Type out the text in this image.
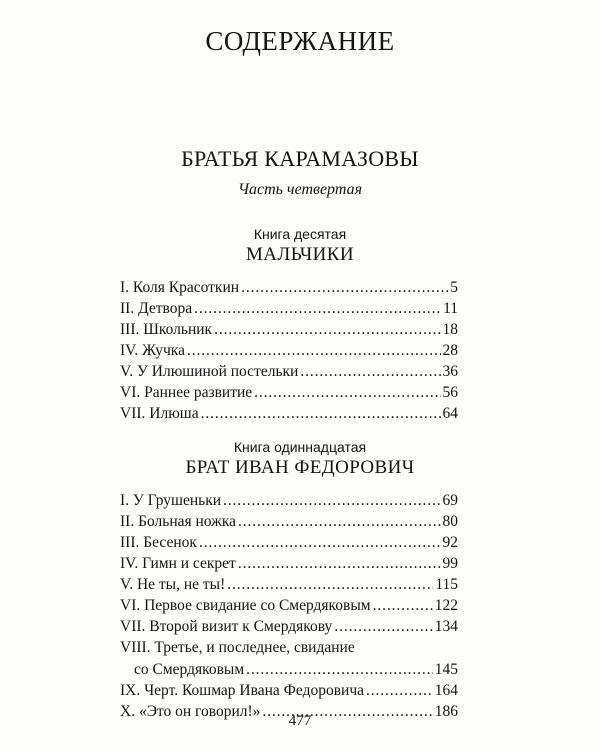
СОДЕРЖАНИЕ
БРАТЬЯ КАРАМАЗОВЫ
Часть четвертая
Книга десятая
МАЛЬЧИКИ
I. Коля Красоткин . . .	5
II. Детвора . . .	11
III. Школьник . . .	18
IV. Жучка . . .	28
V. У Илюшиной постельки . . .	36
VI. Раннее развитие . . .	56
VII. Илюша . . .	64
Книга одиннадцатая
БРАТ ИВАН ФЕДОРОВИЧ
I. У Грушеньки . . .	69
II. Больная ножка . . .	80
III. Бесенок . . .	92
IV. Гимн и секрет . . .	99
V. Не ты, не ты! . . .	115
VI. Первое свидание со Смердяковым . . .	122
VII. Второй визит к Смердякову . . .	134
VIII. Третье, и последнее, свидание
со Смердяковым . . .	145
IX. Черт. Кошмар Ивана Федоровича . . .	164
X. «Это он говорил!» . . .	186
477
